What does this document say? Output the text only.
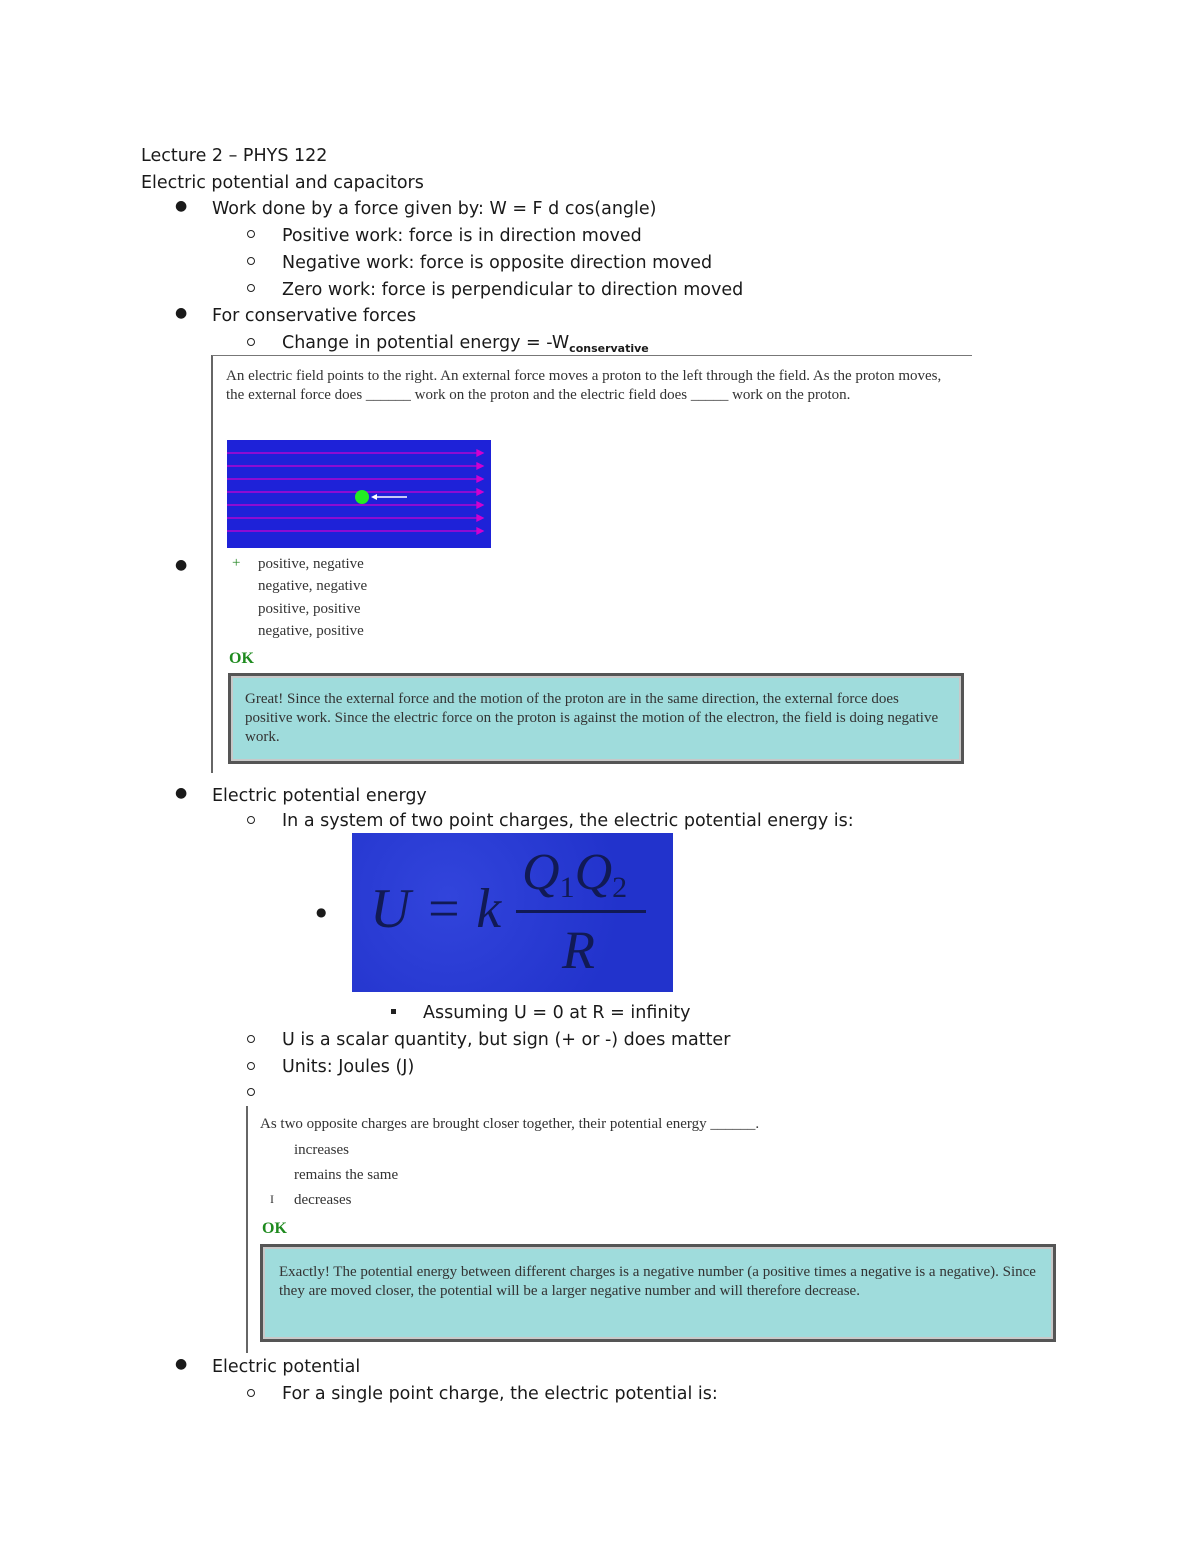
Lecture 2 – PHYS 122
Electric potential and capacitors
● Work done by a force given by: W = F d cos(angle)
Positive work: force is in direction moved
Negative work: force is opposite direction moved
Zero work: force is perpendicular to direction moved
● For conservative forces
Change in potential energy = $-W_{conservative}$
●
An electric field points to the right. An external force moves a proton to the left through the field. As the proton moves, the external force does ______ work on the proton and the electric field does _____ work on the proton.
+ positive, negative
negative, negative
positive, positive
negative, positive
OK
Great! Since the external force and the motion of the proton are in the same direction, the external force does positive work. Since the electric force on the proton is against the motion of the electron, the field is doing negative work.
● Electric potential energy
In a system of two point charges, the electric potential energy is:
● U = k
Q1Q2
R
Assuming U = 0 at R = infinity
U is a scalar quantity, but sign (+ or -) does matter
Units: Joules (J)
As two opposite charges are brought closer together, their potential energy ______.
increases
remains the same
I decreases
OK
Exactly! The potential energy between different charges is a negative number (a positive times a negative is a negative). Since they are moved closer, the potential will be a larger negative number and will therefore decrease.
● Electric potential
For a single point charge, the electric potential is:
